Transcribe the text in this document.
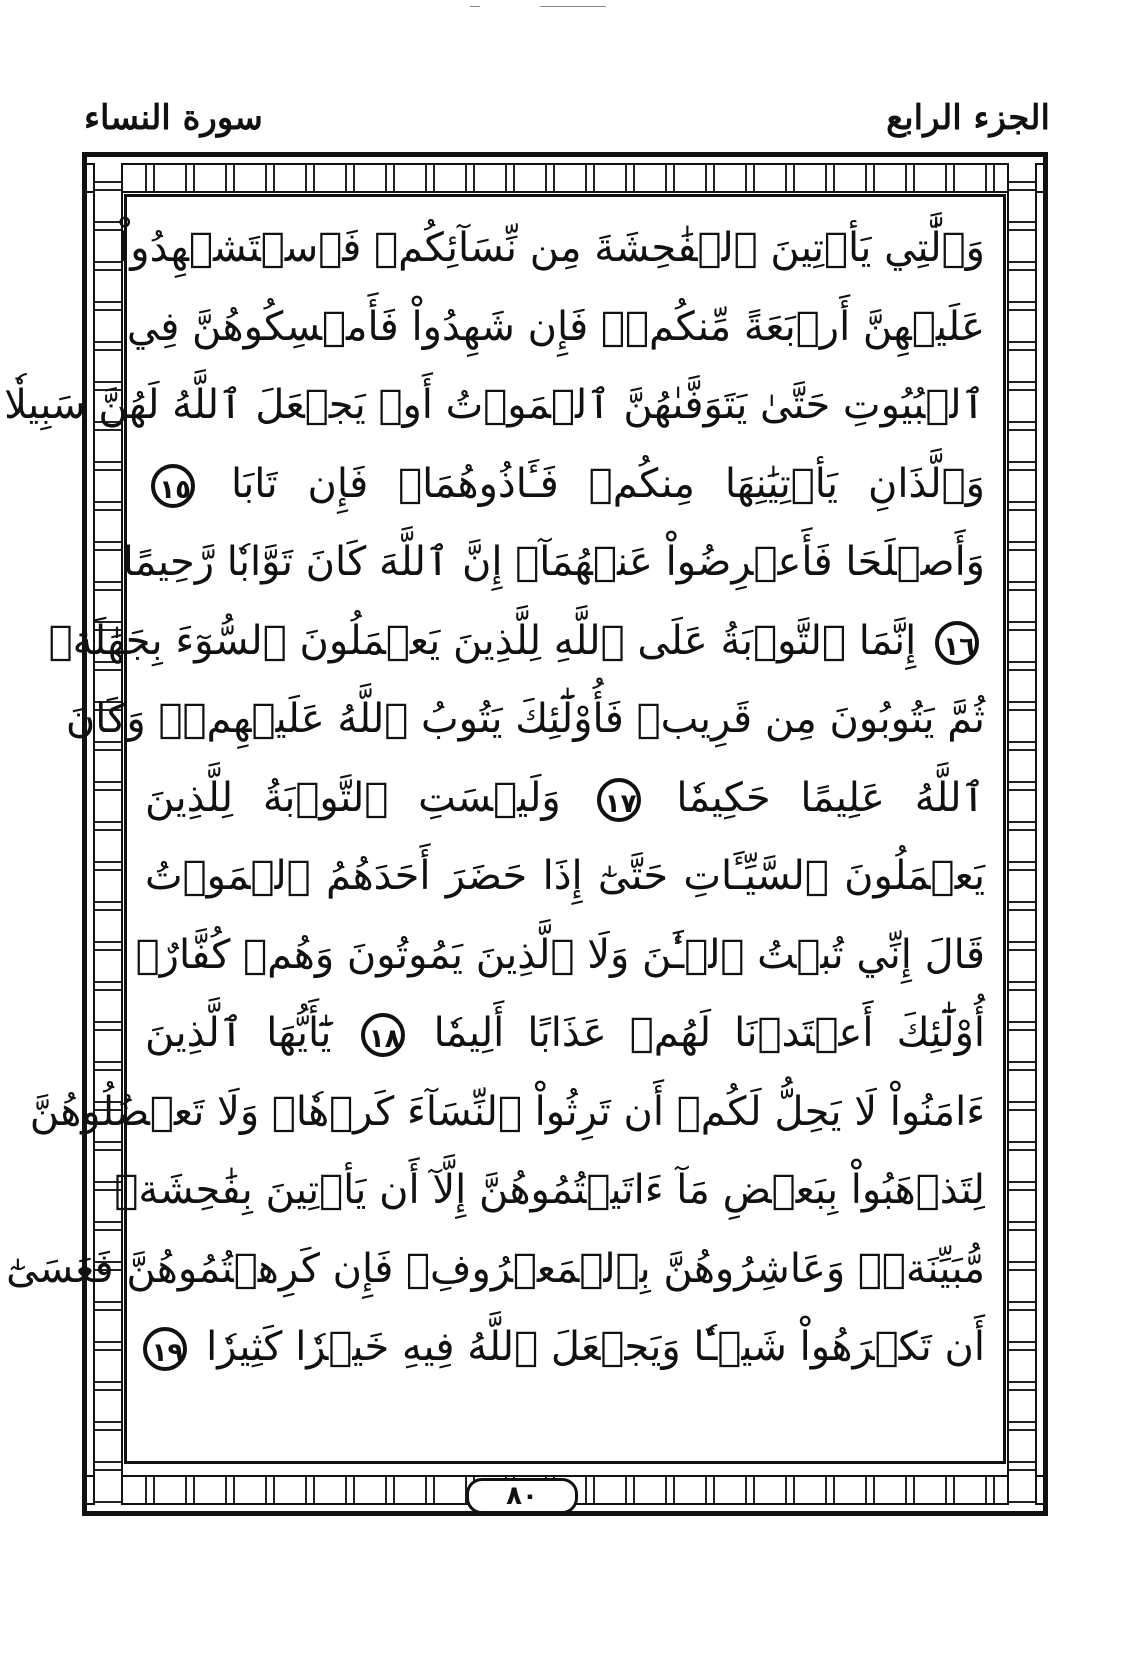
الجزء الرابع
سورة النساء
وَٱلَّٰتِي يَأۡتِينَ ٱلۡفَٰحِشَةَ مِن نِّسَآئِكُمۡ فَٱسۡتَشۡهِدُواْ
عَلَيۡهِنَّ أَرۡبَعَةً مِّنكُمۡۖ فَإِن شَهِدُواْ فَأَمۡسِكُوهُنَّ فِي
ٱلۡبُيُوتِ حَتَّىٰ يَتَوَفَّىٰهُنَّ ٱلۡمَوۡتُ أَوۡ يَجۡعَلَ ٱللَّهُ لَهُنَّ سَبِيلٗا
وَٱلَّذَانِ يَأۡتِيَٰنِهَا مِنكُمۡ فَـَٔاذُوهُمَاۖ فَإِن تَابَا ١٥
وَأَصۡلَحَا فَأَعۡرِضُواْ عَنۡهُمَآۗ إِنَّ ٱللَّهَ كَانَ تَوَّابٗا رَّحِيمًا
١٦ إِنَّمَا ٱلتَّوۡبَةُ عَلَى ٱللَّهِ لِلَّذِينَ يَعۡمَلُونَ ٱلسُّوٓءَ بِجَهَٰلَةٖ
ثُمَّ يَتُوبُونَ مِن قَرِيبٖ فَأُوْلَٰٓئِكَ يَتُوبُ ٱللَّهُ عَلَيۡهِمۡۗ وَكَانَ
ٱللَّهُ عَلِيمًا حَكِيمٗا ١٧ وَلَيۡسَتِ ٱلتَّوۡبَةُ لِلَّذِينَ
يَعۡمَلُونَ ٱلسَّيِّـَٔاتِ حَتَّىٰٓ إِذَا حَضَرَ أَحَدَهُمُ ٱلۡمَوۡتُ
قَالَ إِنِّي تُبۡتُ ٱلۡـَٰٔنَ وَلَا ٱلَّذِينَ يَمُوتُونَ وَهُمۡ كُفَّارٌۚ
أُوْلَٰٓئِكَ أَعۡتَدۡنَا لَهُمۡ عَذَابًا أَلِيمٗا ١٨ يَٰٓأَيُّهَا ٱلَّذِينَ
ءَامَنُواْ لَا يَحِلُّ لَكُمۡ أَن تَرِثُواْ ٱلنِّسَآءَ كَرۡهٗاۖ وَلَا تَعۡضُلُوهُنَّ
لِتَذۡهَبُواْ بِبَعۡضِ مَآ ءَاتَيۡتُمُوهُنَّ إِلَّآ أَن يَأۡتِينَ بِفَٰحِشَةٖ
مُّبَيِّنَةٖۚ وَعَاشِرُوهُنَّ بِٱلۡمَعۡرُوفِۚ فَإِن كَرِهۡتُمُوهُنَّ فَعَسَىٰٓ
أَن تَكۡرَهُواْ شَيۡـٔٗا وَيَجۡعَلَ ٱللَّهُ فِيهِ خَيۡرٗا كَثِيرٗا ١٩
٨٠
